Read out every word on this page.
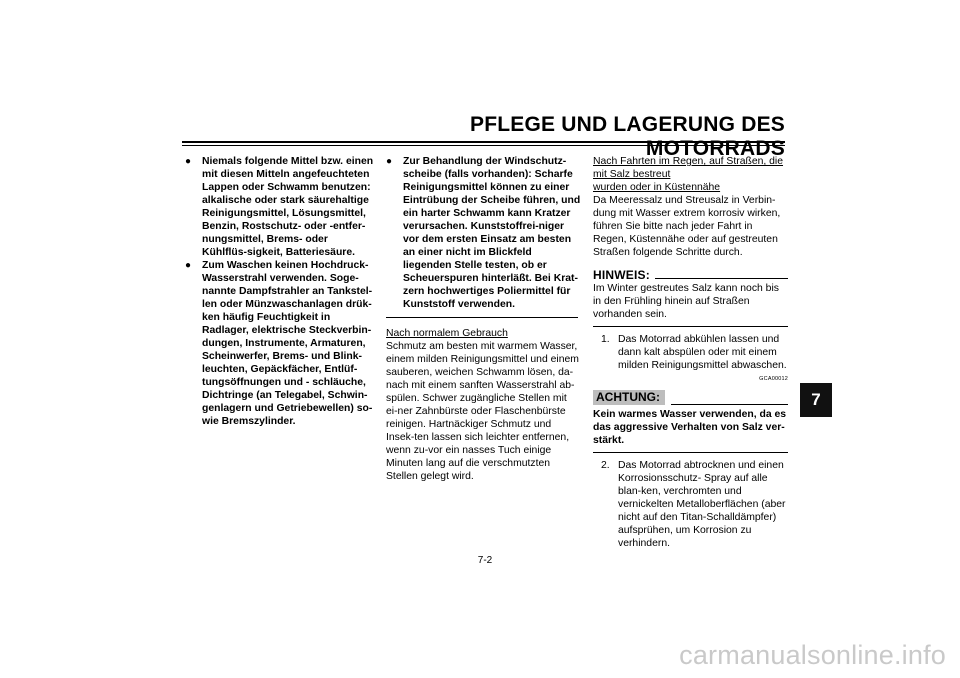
PFLEGE UND LAGERUNG DES MOTORRADS
7
●	Niemals folgende Mittel bzw. einen mit diesen Mitteln angefeuchteten Lappen oder Schwamm benutzen: alkalische oder stark säurehaltige Reinigungsmittel, Lösungsmittel, Benzin, Rostschutz- oder -entfer-nungsmittel, Brems- oder Kühlflüs-sigkeit, Batteriesäure.
●	Zum Waschen keinen Hochdruck-Wasserstrahl verwenden. Soge-nannte Dampfstrahler an Tankstel-len oder Münzwaschanlagen drük-ken häufig Feuchtigkeit in Radlager, elektrische Steckverbin-dungen, Instrumente, Armaturen, Scheinwerfer, Brems- und Blink-leuchten, Gepäckfächer, Entlüf-tungsöffnungen und - schläuche, Dichtringe (an Telegabel, Schwin-genlagern und Getriebewellen) so-wie Bremszylinder.
●	Zur Behandlung der Windschutz-scheibe (falls vorhanden): Scharfe Reinigungsmittel können zu einer Eintrübung der Scheibe führen, und ein harter Schwamm kann Kratzer verursachen. Kunststoffrei-niger vor dem ersten Einsatz am besten an einer nicht im Blickfeld liegenden Stelle testen, ob er Scheuerspuren hinterläßt. Bei Krat-zern hochwertiges Poliermittel für Kunststoff verwenden.
Nach normalem Gebrauch

Schmutz am besten mit warmem Wasser, einem milden Reinigungsmittel und einem sauberen, weichen Schwamm lösen, da-nach mit einem sanften Wasserstrahl ab-spülen. Schwer zugängliche Stellen mit ei-ner Zahnbürste oder Flaschenbürste reinigen. Hartnäckiger Schmutz und Insek-ten lassen sich leichter entfernen, wenn zu-vor ein nasses Tuch einige Minuten lang auf die verschmutzten Stellen gelegt wird.

Nach Fahrten im Regen, auf Straßen, die mit Salz bestreut
wurden oder in Küstennähe

Da Meeressalz und Streusalz in Verbin-dung mit Wasser extrem korrosiv wirken, führen Sie bitte nach jeder Fahrt in Regen, Küstennähe oder auf gestreuten Straßen folgende Schritte durch.

HINWEIS:

Im Winter gestreutes Salz kann noch bis in den Frühling hinein auf Straßen vorhanden sein.

1. Das Motorrad abkühlen lassen und dann kalt abspülen oder mit einem milden Reinigungsmittel abwaschen.
GCA00012
ACHTUNG:
Kein warmes Wasser verwenden, da es das aggressive Verhalten von Salz ver-stärkt.
2. Das Motorrad abtrocknen und einen Korrosionsschutz- Spray auf alle blan-ken, verchromten und vernickelten Metalloberflächen (aber nicht auf den Titan-Schalldämpfer) aufsprühen, um Korrosion zu verhindern.
7-2
carmanualsonline.info
